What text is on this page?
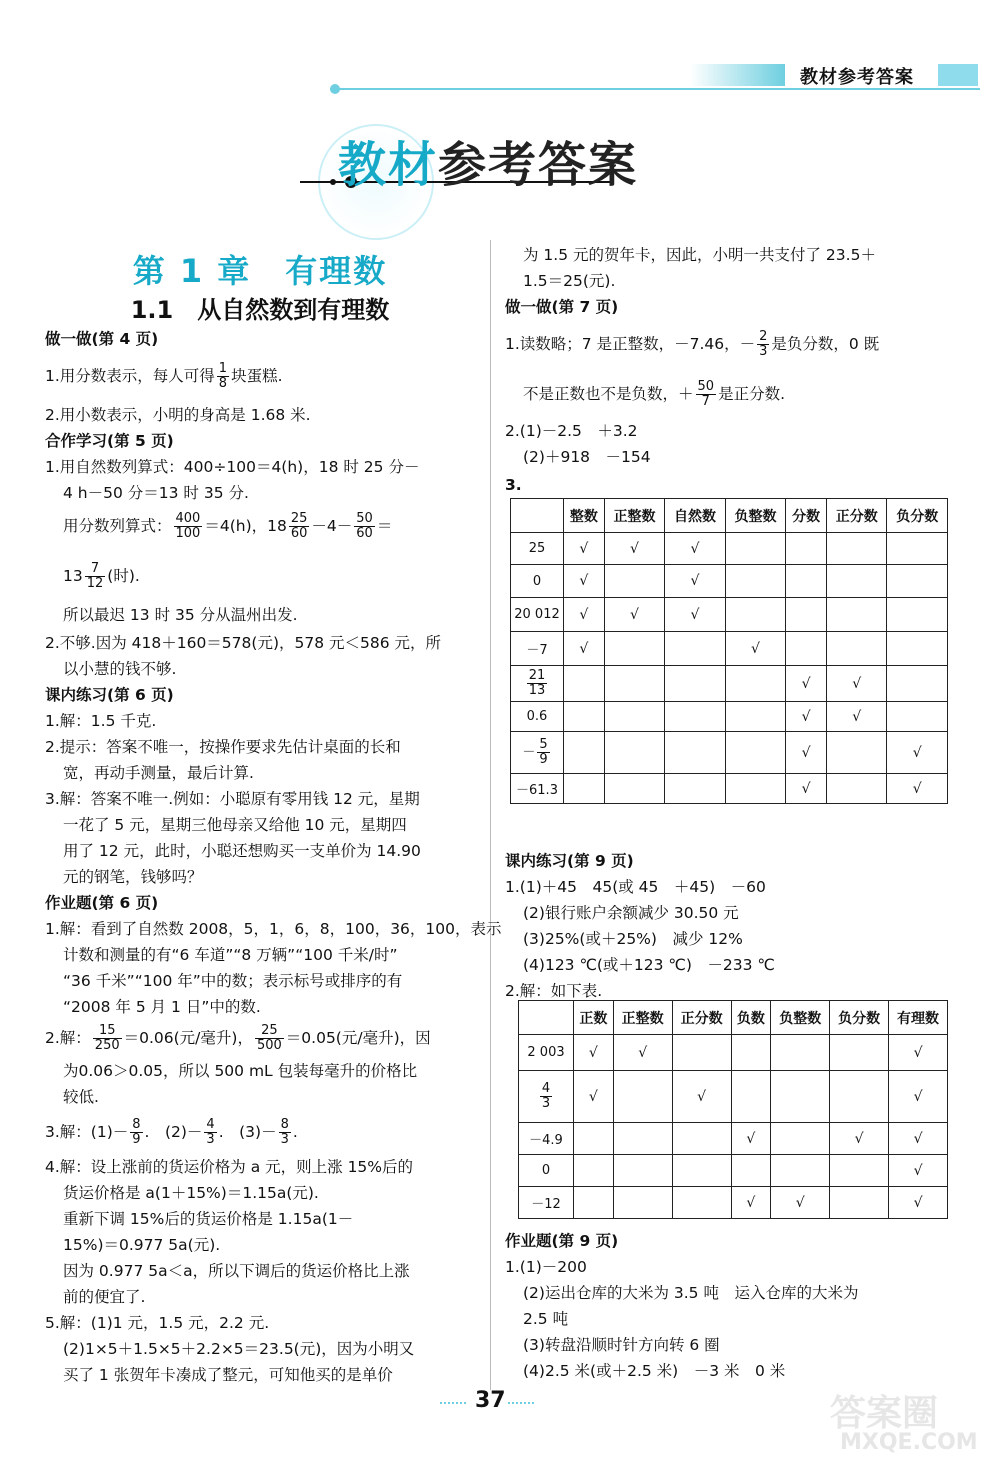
教材参考答案
教材参考答案
第 1 章　有理数
1.1　从自然数到有理数
做一做(第 4 页)
1.用分数表示，每人可得 $\frac{1}{8}$ 块蛋糕.
2.用小数表示，小明的身高是 1.68 米.
合作学习(第 5 页)
1.用自然数列算式：400÷100＝4(h)，18 时 25 分－
4 h－50 分＝13 时 35 分.
用分数列算式： $\frac{400}{100} =4(h)$，$18 \frac{25}{60} -4- \frac{50}{60}$ ＝
$13 \frac{7}{12}$ (时).
所以最迟 13 时 35 分从温州出发.
2.不够.因为 418＋160＝578(元)，578 元＜586 元，所
以小慧的钱不够.
课内练习(第 6 页)
1.解：1.5 千克.
2.提示：答案不唯一，按操作要求先估计桌面的长和
宽，再动手测量，最后计算.
3.解：答案不唯一.例如：小聪原有零用钱 12 元，星期
一花了 5 元，星期三他母亲又给他 10 元，星期四
用了 12 元，此时，小聪还想购买一支单价为 14.90
元的钢笔，钱够吗？
作业题(第 6 页)
1.解：看到了自然数 2008，5，1，6，8，100，36，100，表示
计数和测量的有“6 车道”“8 万辆”“100 千米/时”
“36 千米”“100 年”中的数；表示标号或排序的有
“2008 年 5 月 1 日”中的数.
2.解： $\frac{15}{250} =0.06$(元/毫升)， $\frac{25}{500} =0.05$(元/毫升)，因
为0.06＞0.05，所以 500 mL 包装每毫升的价格比
较低.
3.解：$(1)- \frac{8}{9}$ .　$(2)- \frac{4}{3}$ .　$(3)- \frac{8}{3}$ .
4.解：设上涨前的货运价格为 a 元，则上涨 15%后的
货运价格是 a(1＋15%)＝1.15a(元).
重新下调 15%后的货运价格是 1.15a(1－
15%)＝0.977 5a(元).
因为 0.977 5a＜a，所以下调后的货运价格比上涨
前的便宜了.
5.解：(1)1 元，1.5 元，2.2 元.
(2)1×5＋1.5×5＋2.2×5＝23.5(元)，因为小明又
买了 1 张贺年卡凑成了整元，可知他买的是单价
为 1.5 元的贺年卡，因此，小明一共支付了 23.5＋
1.5＝25(元).
做一做(第 7 页)
1.读数略；7 是正整数，－7.46，－ $\frac{2}{3}$ 是负分数，0 既
不是正数也不是负数，＋ $\frac{50}{7}$ 是正分数.
2.(1)－2.5　＋3.2
(2)＋918　－154
3.
课内练习(第 9 页)
1.(1)＋45　45(或 45　＋45)　－60
(2)银行账户余额减少 30.50 元
(3)25%(或＋25%)　减少 12%
(4)123 ℃(或＋123 ℃)　－233 ℃
2.解：如下表.
作业题(第 9 页)
1.(1)－200
(2)运出仓库的大米为 3.5 吨　运入仓库的大米为
2.5 吨
(3)转盘沿顺时针方向转 6 圈
(4)2.5 米(或＋2.5 米)　－3 米　0 米
	整数	正整数	自然数	负整数	分数	正分数	负分数
25	√	√	√				
0	√		√				
20 012	√	√	√				
－7	√			√			

$\frac{21}{13}$					√	√	
0.6					√	√	
－ $\frac{5}{9}$					√		√
－61.3					√		√
	正数	正整数	正分数	负数	负整数	负分数	有理数
2 003	√	√					√

$\frac{4}{3}$	√		√				√
－4.9				√		√	√
0							√
－12				√	√		√
37	答案圈
MXQE.COM
